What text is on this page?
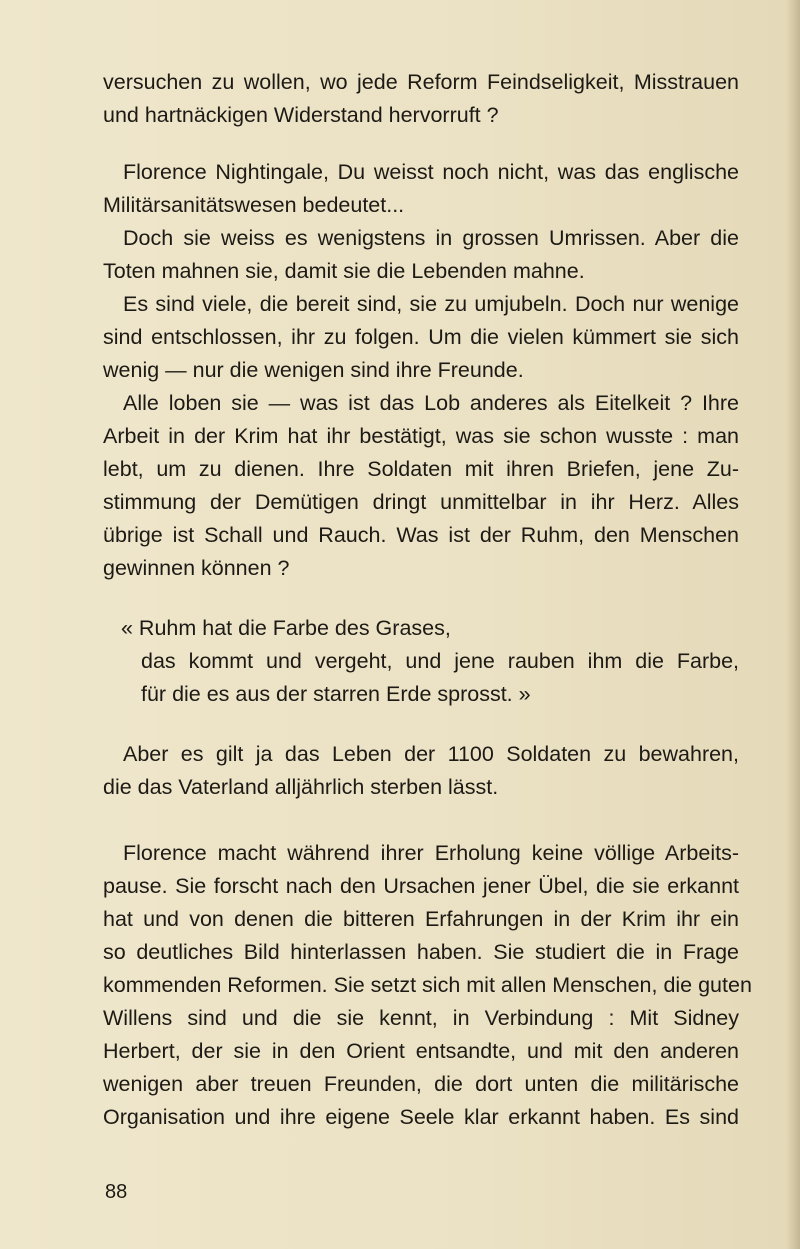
versuchen zu wollen, wo jede Reform Feindseligkeit, Misstrauen
und hartnäckigen Widerstand hervorruft ?
Florence Nightingale, Du weisst noch nicht, was das englische
Militärsanitätswesen bedeutet...
Doch sie weiss es wenigstens in grossen Umrissen. Aber die
Toten mahnen sie, damit sie die Lebenden mahne.
Es sind viele, die bereit sind, sie zu umjubeln. Doch nur wenige
sind entschlossen, ihr zu folgen. Um die vielen kümmert sie sich
wenig — nur die wenigen sind ihre Freunde.
Alle loben sie — was ist das Lob anderes als Eitelkeit ? Ihre
Arbeit in der Krim hat ihr bestätigt, was sie schon wusste : man
lebt, um zu dienen. Ihre Soldaten mit ihren Briefen, jene Zu-
stimmung der Demütigen dringt unmittelbar in ihr Herz. Alles
übrige ist Schall und Rauch. Was ist der Ruhm, den Menschen
gewinnen können ?
« Ruhm hat die Farbe des Grases,
das kommt und vergeht, und jene rauben ihm die Farbe,
für die es aus der starren Erde sprosst. »
Aber es gilt ja das Leben der 1100 Soldaten zu bewahren,
die das Vaterland alljährlich sterben lässt.
Florence macht während ihrer Erholung keine völlige Arbeits-
pause. Sie forscht nach den Ursachen jener Übel, die sie erkannt
hat und von denen die bitteren Erfahrungen in der Krim ihr ein
so deutliches Bild hinterlassen haben. Sie studiert die in Frage
kommenden Reformen. Sie setzt sich mit allen Menschen, die guten
Willens sind und die sie kennt, in Verbindung : Mit Sidney
Herbert, der sie in den Orient entsandte, und mit den anderen
wenigen aber treuen Freunden, die dort unten die militärische
Organisation und ihre eigene Seele klar erkannt haben. Es sind
88
